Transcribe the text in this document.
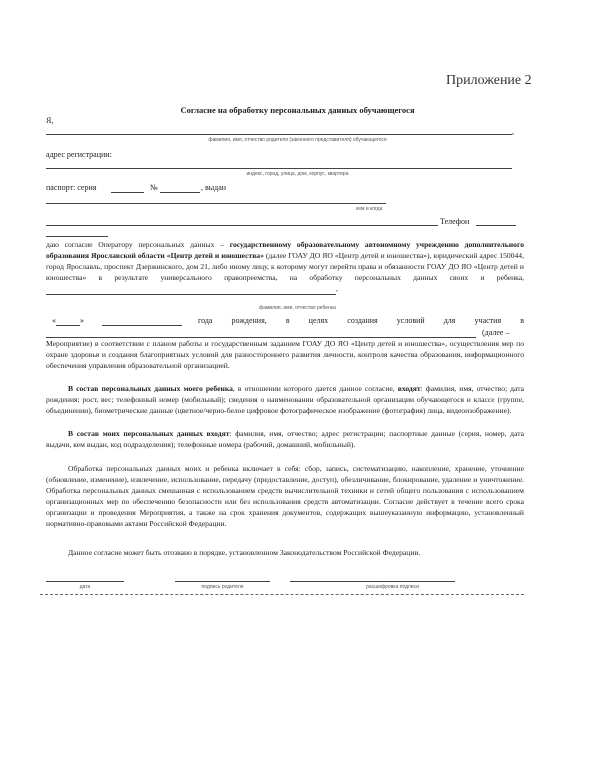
Приложение 2
Согласие на обработку персональных данных обучающегося
Я,
,
фамилия, имя, отчество родителя (законного представителя) обучающегося
адрес регистрации:
индекс, город, улица, дом, корпус, квартира
паспорт: серия	№	, выдан
кем и когда
Телефон
даю согласие Оператору персональных данных – государственному образовательному автономному учреждению дополнительного образования Ярославской области «Центр детей и юношества» (далее ГОАУ ДО ЯО «Центр детей и юношества»), юридический адрес 150044, город Ярославль, проспект Дзержинского, дом 21, либо иному лицу, к которому могут перейти права и обязанности ГОАУ ДО ЯО «Центр детей и юношества» в результате универсального правопреемства, на обработку персональных данных своих и ребенка,  ,
фамилия, имя, отчество ребенка
«	»	года рождения, в целях создания условий для участия в
(далее –
Мероприятие) в соответствии с планом работы и государственным заданием ГОАУ ДО ЯО «Центр детей и юношества», осуществления мер по охране здоровья и создания благоприятных условий для разностороннего развития личности, контроля качества образования, информационного обеспечения управления образовательной организацией.
В состав персональных данных моего ребенка, в отношении которого дается данное согласие, входят: фамилия, имя, отчество; дата рождения; рост, вес; телефонный номер (мобильный); сведения о наименовании образовательной организации обучающегося и классе (группе, объединении), биометрические данные (цветное/черно-белое цифровое фотографическое изображение (фотография) лица, видеоизображение).
В состав моих персональных данных входят: фамилия, имя, отчество; адрес регистрации; паспортные данные (серия, номер, дата выдачи, кем выдан, код подразделения); телефонные номера (рабочий, домашний, мобильный).
Обработка персональных данных моих и ребенка включает в себя: сбор, запись, систематизацию, накопление, хранение, уточнение (обновление, изменение), извлечение, использование, передачу (предоставление, доступ), обезличивание, блокирование, удаление и уничтожение. Обработка персональных данных смешанная с использованием средств вычислительной техники и сетей общего пользования с использованием организационных мер по обеспечению безопасности или без использования средств автоматизации. Согласие действует в течение всего срока организации и проведения Мероприятия, а также на срок хранения документов, содержащих вышеуказанную информацию, установленный нормативно-правовыми актами Российской Федерации.
Данное согласие может быть отозвано в порядке, установленном Законодательством Российской Федерации.
дата	подпись родителя	расшифровка подписи
